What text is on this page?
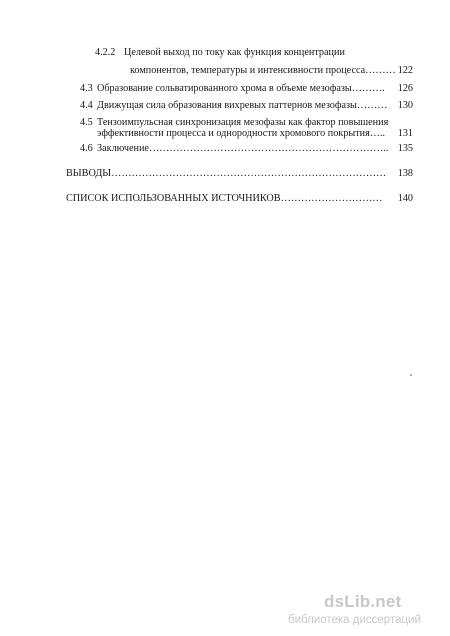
4.2.2 Целевой выход по току как функция концентрации
компонентов, температуры и интенсивности процесса……… 122
4.3 Образование сольватированного хрома в объеме мезофазы……….	126
4.4 Движущая сила образования вихревых паттернов мезофазы………	130
4.5 Тензоимпульсная синхронизация мезофазы как фактор повышения
эффективности процесса и однородности хромового покрытия…..	131
4.6 Заключение…………………………………………………………….. 135
ВЫВОДЫ………………………………………………………………………	138
СПИСОК ИСПОЛЬЗОВАННЫХ ИСТОЧНИКОВ…………………………	140
dsLib.net
библиотека диссертаций
